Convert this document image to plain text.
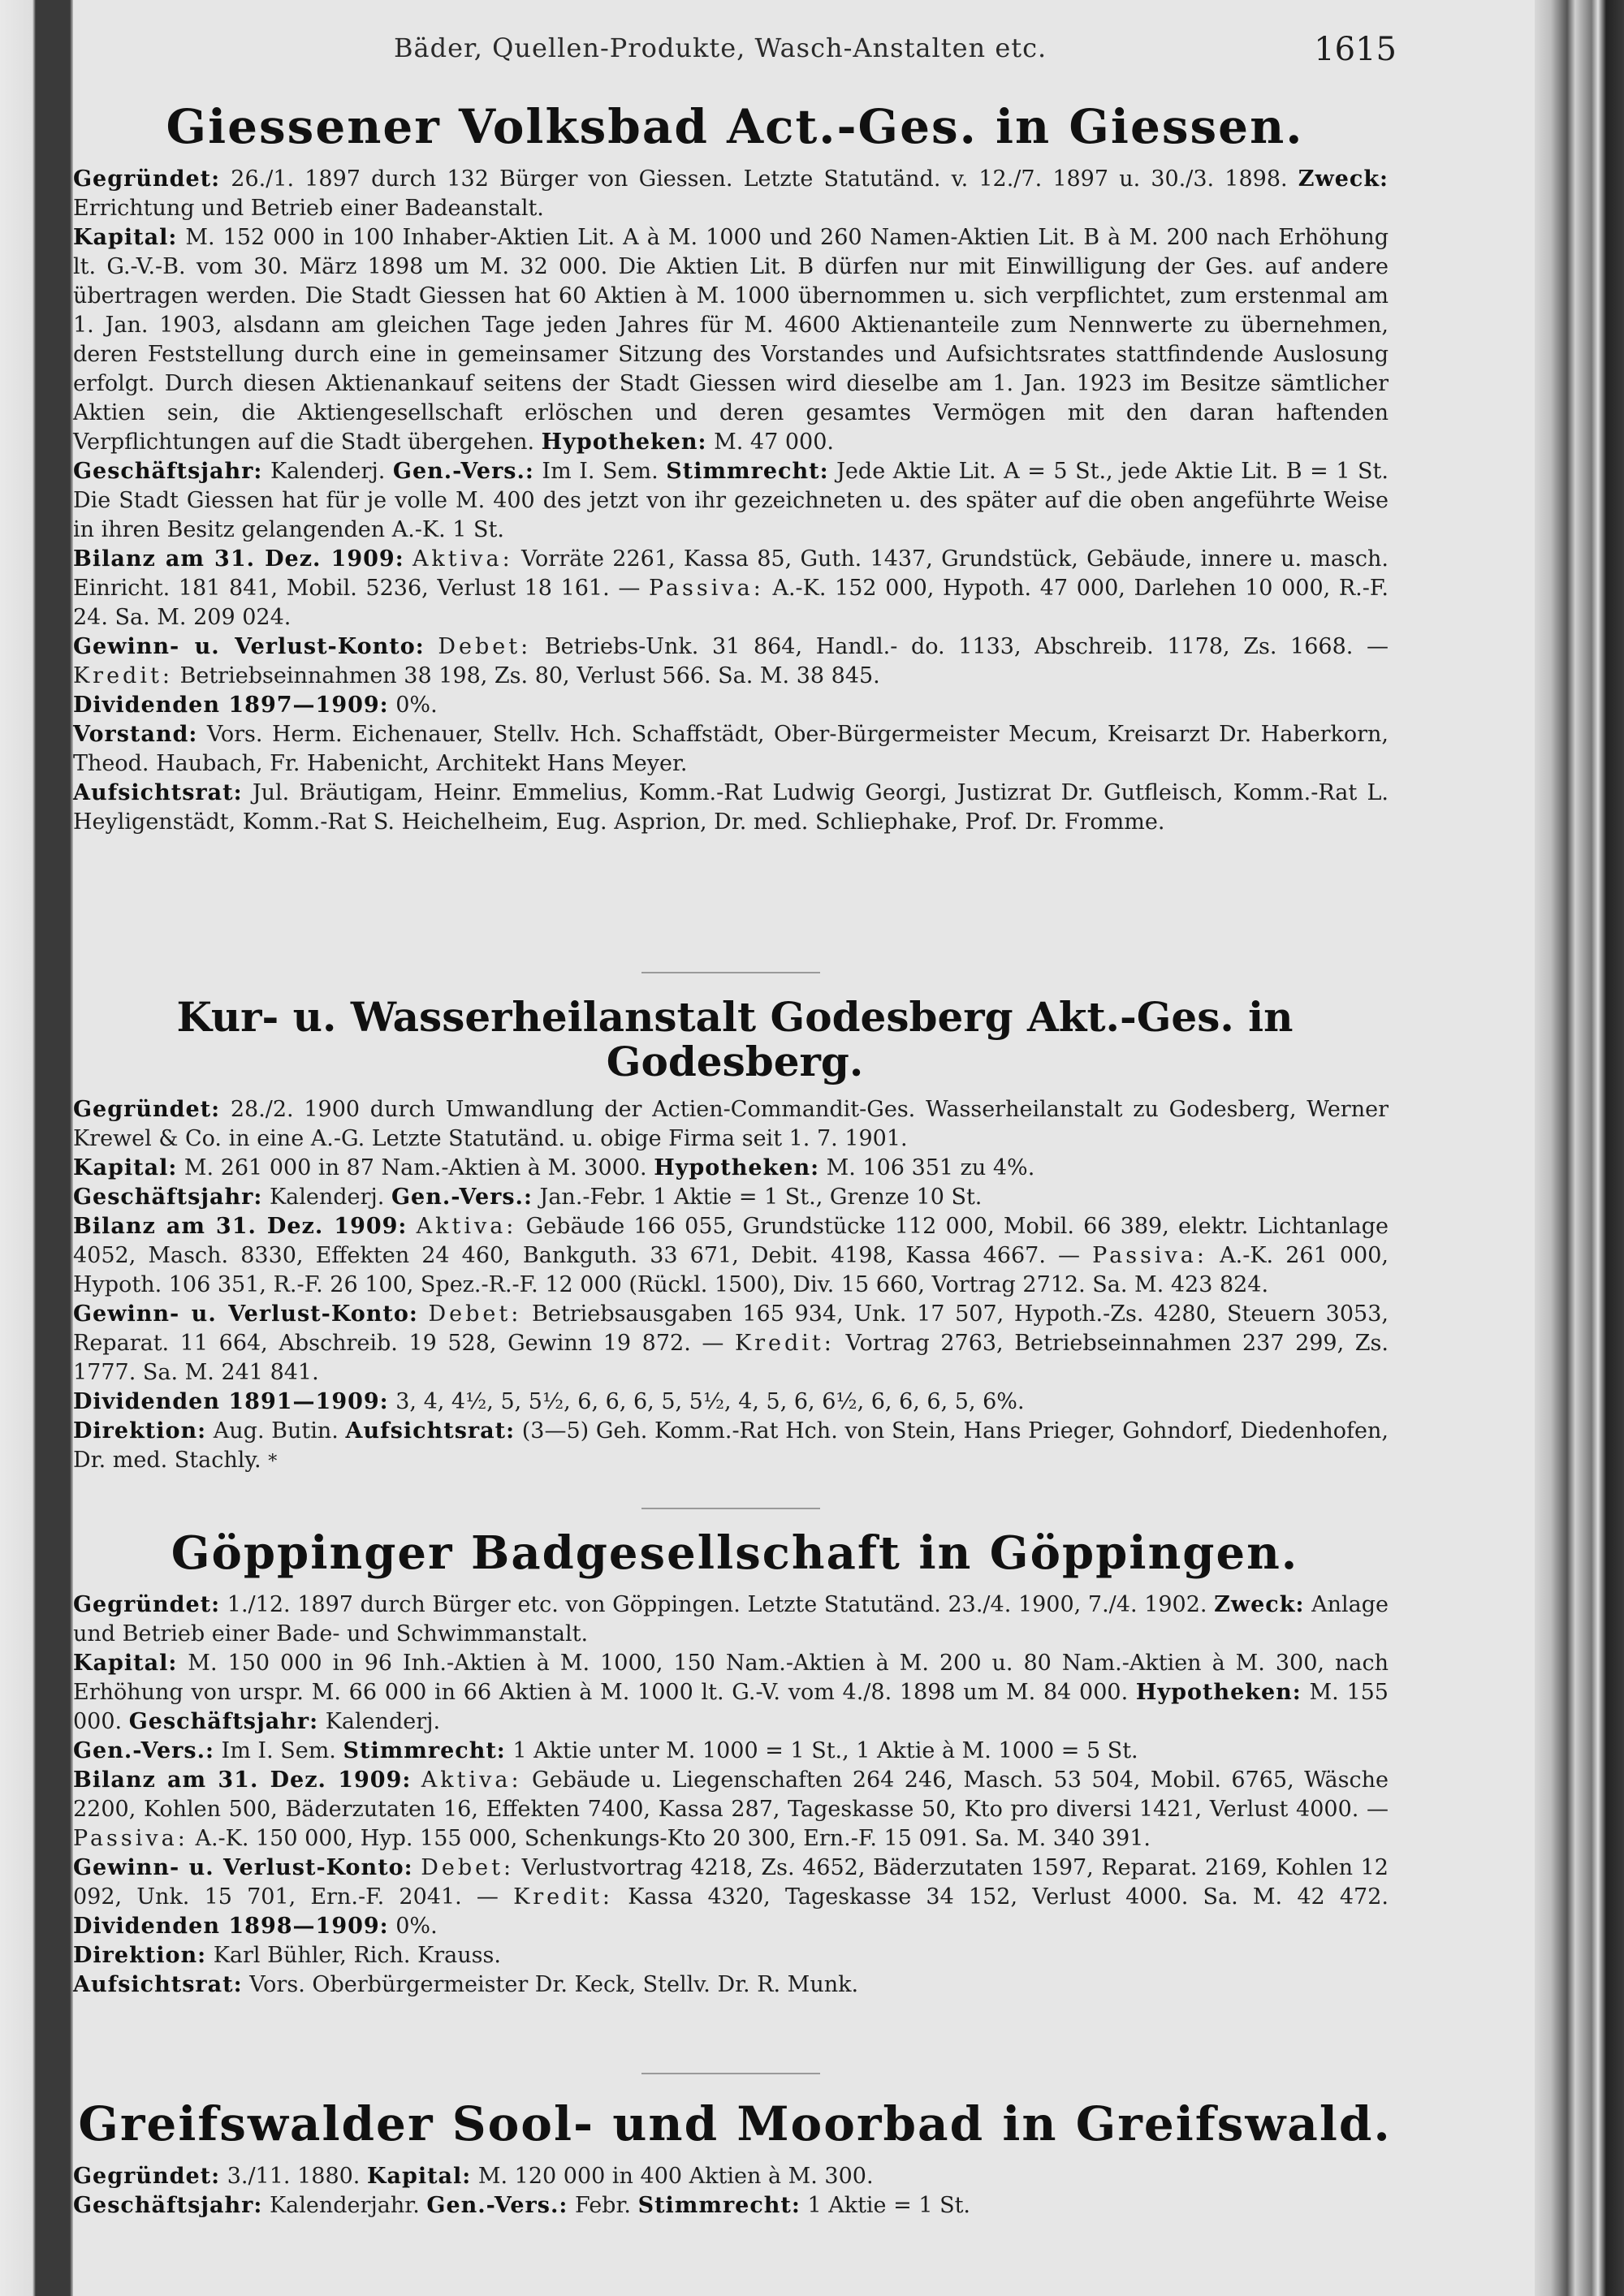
Bäder, Quellen-Produkte, Wasch-Anstalten etc.	1615
Giessener Volksbad Act.-Ges. in Giessen.

Gegründet: 26./1. 1897 durch 132 Bürger von Giessen. Letzte Statutänd. v. 12./7. 1897 u. 30./3. 1898. Zweck: Errichtung und Betrieb einer Badeanstalt.

Kapital: M. 152 000 in 100 Inhaber-Aktien Lit. A à M. 1000 und 260 Namen-Aktien Lit. B à M. 200 nach Erhöhung lt. G.-V.-B. vom 30. März 1898 um M. 32 000. Die Aktien Lit. B dürfen nur mit Einwilligung der Ges. auf andere übertragen werden. Die Stadt Giessen hat 60 Aktien à M. 1000 übernommen u. sich verpflichtet, zum erstenmal am 1. Jan. 1903, alsdann am gleichen Tage jeden Jahres für M. 4600 Aktienanteile zum Nennwerte zu übernehmen, deren Feststellung durch eine in gemeinsamer Sitzung des Vorstandes und Aufsichtsrates stattfindende Auslosung erfolgt. Durch diesen Aktienankauf seitens der Stadt Giessen wird dieselbe am 1. Jan. 1923 im Besitze sämtlicher Aktien sein, die Aktiengesellschaft erlöschen und deren gesamtes Vermögen mit den daran haftenden Verpflichtungen auf die Stadt übergehen. Hypotheken: M. 47 000.

Geschäftsjahr: Kalenderj. Gen.-Vers.: Im I. Sem. Stimmrecht: Jede Aktie Lit. A = 5 St., jede Aktie Lit. B = 1 St. Die Stadt Giessen hat für je volle M. 400 des jetzt von ihr gezeichneten u. des später auf die oben angeführte Weise in ihren Besitz gelangenden A.-K. 1 St.

Bilanz am 31. Dez. 1909: Aktiva: Vorräte 2261, Kassa 85, Guth. 1437, Grundstück, Gebäude, innere u. masch. Einricht. 181 841, Mobil. 5236, Verlust 18 161. — Passiva: A.-K. 152 000, Hypoth. 47 000, Darlehen 10 000, R.-F. 24. Sa. M. 209 024.

Gewinn- u. Verlust-Konto: Debet: Betriebs-Unk. 31 864, Handl.- do. 1133, Abschreib. 1178, Zs. 1668. — Kredit: Betriebseinnahmen 38 198, Zs. 80, Verlust 566. Sa. M. 38 845.

Dividenden 1897—1909: 0%.

Vorstand: Vors. Herm. Eichenauer, Stellv. Hch. Schaffstädt, Ober-Bürgermeister Mecum, Kreisarzt Dr. Haberkorn, Theod. Haubach, Fr. Habenicht, Architekt Hans Meyer.

Aufsichtsrat: Jul. Bräutigam, Heinr. Emmelius, Komm.-Rat Ludwig Georgi, Justizrat Dr. Gutfleisch, Komm.-Rat L. Heyligenstädt, Komm.-Rat S. Heichelheim, Eug. Asprion, Dr. med. Schliephake, Prof. Dr. Fromme.

Kur- u. Wasserheilanstalt Godesberg Akt.-Ges. in Godesberg.

Gegründet: 28./2. 1900 durch Umwandlung der Actien-Commandit-Ges. Wasserheilanstalt zu Godesberg, Werner Krewel & Co. in eine A.-G. Letzte Statutänd. u. obige Firma seit 1. 7. 1901.

Kapital: M. 261 000 in 87 Nam.-Aktien à M. 3000. Hypotheken: M. 106 351 zu 4%.

Geschäftsjahr: Kalenderj. Gen.-Vers.: Jan.-Febr. 1 Aktie = 1 St., Grenze 10 St.

Bilanz am 31. Dez. 1909: Aktiva: Gebäude 166 055, Grundstücke 112 000, Mobil. 66 389, elektr. Lichtanlage 4052, Masch. 8330, Effekten 24 460, Bankguth. 33 671, Debit. 4198, Kassa 4667. — Passiva: A.-K. 261 000, Hypoth. 106 351, R.-F. 26 100, Spez.-R.-F. 12 000 (Rückl. 1500), Div. 15 660, Vortrag 2712. Sa. M. 423 824.

Gewinn- u. Verlust-Konto: Debet: Betriebsausgaben 165 934, Unk. 17 507, Hypoth.-Zs. 4280, Steuern 3053, Reparat. 11 664, Abschreib. 19 528, Gewinn 19 872. — Kredit: Vortrag 2763, Betriebseinnahmen 237 299, Zs. 1777. Sa. M. 241 841.

Dividenden 1891—1909: 3, 4, 4½, 5, 5½, 6, 6, 6, 5, 5½, 4, 5, 6, 6½, 6, 6, 6, 5, 6%.

Direktion: Aug. Butin. Aufsichtsrat: (3—5) Geh. Komm.-Rat Hch. von Stein, Hans Prieger, Gohndorf, Diedenhofen, Dr. med. Stachly. *

Göppinger Badgesellschaft in Göppingen.

Gegründet: 1./12. 1897 durch Bürger etc. von Göppingen. Letzte Statutänd. 23./4. 1900, 7./4. 1902. Zweck: Anlage und Betrieb einer Bade- und Schwimmanstalt.

Kapital: M. 150 000 in 96 Inh.-Aktien à M. 1000, 150 Nam.-Aktien à M. 200 u. 80 Nam.-Aktien à M. 300, nach Erhöhung von urspr. M. 66 000 in 66 Aktien à M. 1000 lt. G.-V. vom 4./8. 1898 um M. 84 000. Hypotheken: M. 155 000. Geschäftsjahr: Kalenderj.

Gen.-Vers.: Im I. Sem. Stimmrecht: 1 Aktie unter M. 1000 = 1 St., 1 Aktie à M. 1000 = 5 St.

Bilanz am 31. Dez. 1909: Aktiva: Gebäude u. Liegenschaften 264 246, Masch. 53 504, Mobil. 6765, Wäsche 2200, Kohlen 500, Bäderzutaten 16, Effekten 7400, Kassa 287, Tageskasse 50, Kto pro diversi 1421, Verlust 4000. — Passiva: A.-K. 150 000, Hyp. 155 000, Schenkungs-Kto 20 300, Ern.-F. 15 091. Sa. M. 340 391.

Gewinn- u. Verlust-Konto: Debet: Verlustvortrag 4218, Zs. 4652, Bäderzutaten 1597, Reparat. 2169, Kohlen 12 092, Unk. 15 701, Ern.-F. 2041. — Kredit: Kassa 4320, Tageskasse 34 152, Verlust 4000. Sa. M. 42 472. Dividenden 1898—1909: 0%.

Direktion: Karl Bühler, Rich. Krauss.

Aufsichtsrat: Vors. Oberbürgermeister Dr. Keck, Stellv. Dr. R. Munk.

Greifswalder Sool- und Moorbad in Greifswald.

Gegründet: 3./11. 1880. Kapital: M. 120 000 in 400 Aktien à M. 300.

Geschäftsjahr: Kalenderjahr. Gen.-Vers.: Febr. Stimmrecht: 1 Aktie = 1 St.
